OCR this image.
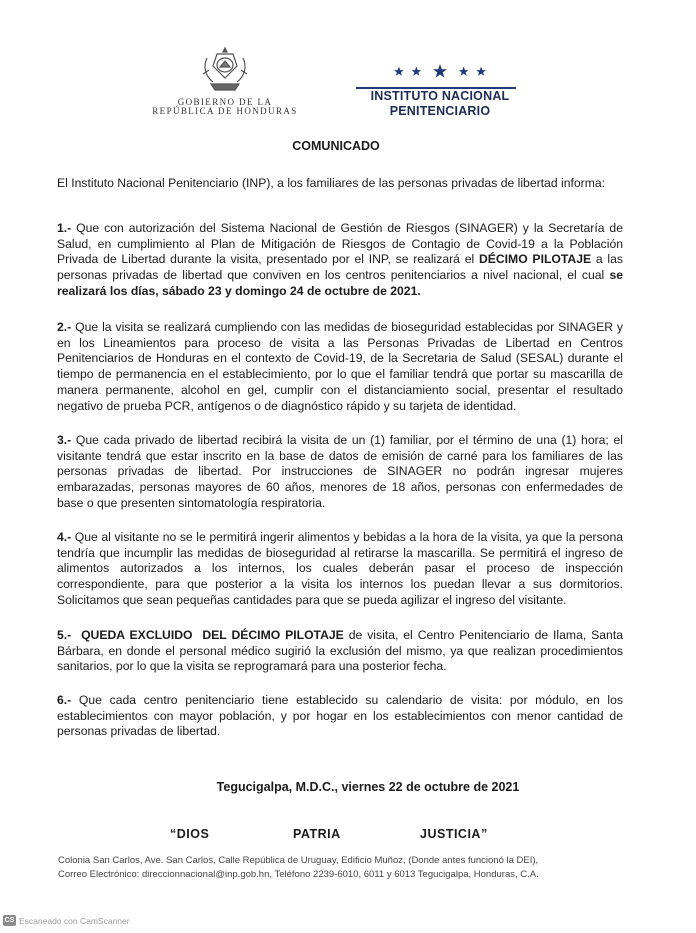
GOBIERNO DE LA
REPÚBLICA DE HONDURAS
INSTITUTO NACIONAL
PENITENCIARIO
COMUNICADO
El Instituto Nacional Penitenciario (INP), a los familiares de las personas privadas de libertad informa:
1.- Que con autorización del Sistema Nacional de Gestión de Riesgos (SINAGER) y la Secretaría de Salud, en cumplimiento al Plan de Mitigación de Riesgos de Contagio de Covid-19 a la Población Privada de Libertad durante la visita, presentado por el INP, se realizará el DÉCIMO PILOTAJE a las personas privadas de libertad que conviven en los centros penitenciarios a nivel nacional, el cual se realizará los días, sábado 23 y domingo 24 de octubre de 2021.
2.- Que la visita se realizará cumpliendo con las medidas de bioseguridad establecidas por SINAGER y en los Lineamientos para proceso de visita a las Personas Privadas de Libertad en Centros Penitenciarios de Honduras en el contexto de Covid-19, de la Secretaria de Salud (SESAL) durante el tiempo de permanencia en el establecimiento, por lo que el familiar tendrá que portar su mascarilla de manera permanente, alcohol en gel, cumplir con el distanciamiento social, presentar el resultado negativo de prueba PCR, antígenos o de diagnóstico rápido y su tarjeta de identidad.
3.- Que cada privado de libertad recibirá la visita de un (1) familiar, por el término de una (1) hora; el visitante tendrá que estar inscrito en la base de datos de emisión de carné para los familiares de las personas privadas de libertad. Por instrucciones de SINAGER no podrán ingresar mujeres embarazadas, personas mayores de 60 años, menores de 18 años, personas con enfermedades de base o que presenten sintomatología respiratoria.
4.- Que al visitante no se le permitirá ingerir alimentos y bebidas a la hora de la visita, ya que la persona tendría que incumplir las medidas de bioseguridad al retirarse la mascarilla. Se permitirá el ingreso de alimentos autorizados a los internos, los cuales deberán pasar el proceso de inspección correspondiente, para que posterior a la visita los internos los puedan llevar a sus dormitorios. Solicitamos que sean pequeñas cantidades para que se pueda agilizar el ingreso del visitante.
5.-  QUEDA EXCLUIDO  DEL DÉCIMO PILOTAJE de visita, el Centro Penitenciario de Ilama, Santa Bárbara, en donde el personal médico sugirió la exclusión del mismo, ya que realizan procedimientos sanitarios, por lo que la visita se reprogramará para una posterior fecha.
6.- Que cada centro penitenciario tiene establecido su calendario de visita: por módulo, en los establecimientos con mayor población, y por hogar en los establecimientos con menor cantidad de personas privadas de libertad.
Tegucigalpa, M.D.C., viernes 22 de octubre de 2021
“DIOS	PATRIA	JUSTICIA”
Colonia San Carlos, Ave. San Carlos, Calle República de Uruguay, Edificio Muñoz, (Donde antes funcionó la DEI),
Correo Electrónico: direccionnacional@inp.gob.hn, Teléfono 2239-6010, 6011 y 6013 Tegucigalpa, Honduras, C.A.
CS Escaneado con CamScanner
